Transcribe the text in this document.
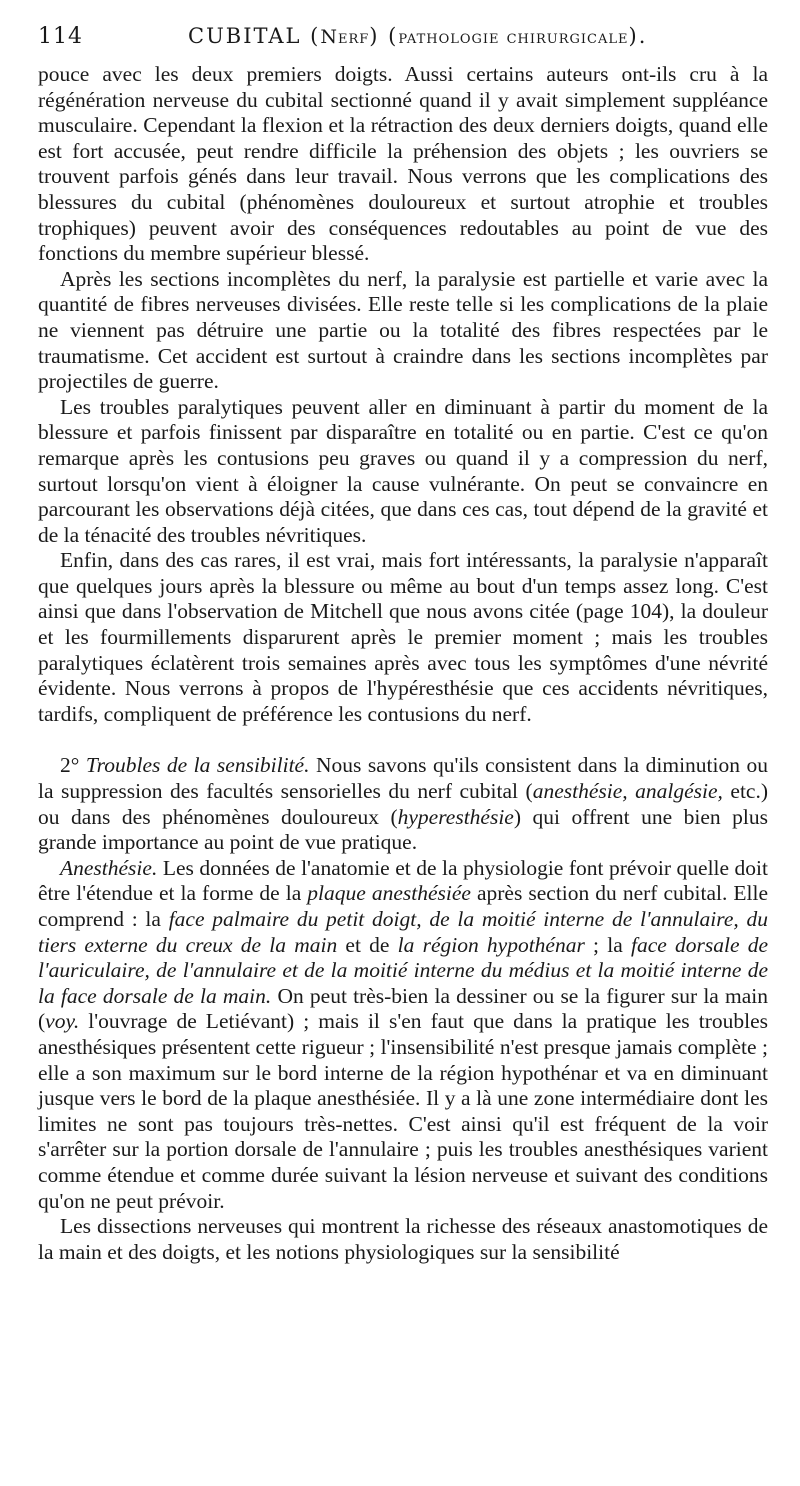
114	CUBITAL (Nerf) (pathologie chirurgicale).

pouce avec les deux premiers doigts. Aussi certains auteurs ont-ils cru à la régénération nerveuse du cubital sectionné quand il y avait simplement suppléance musculaire. Cependant la flexion et la rétraction des deux derniers doigts, quand elle est fort accusée, peut rendre difficile la préhension des objets ; les ouvriers se trouvent parfois génés dans leur travail. Nous verrons que les complications des blessures du cubital (phénomènes douloureux et surtout atrophie et troubles trophiques) peuvent avoir des conséquences redoutables au point de vue des fonctions du membre supérieur blessé.

Après les sections incomplètes du nerf, la paralysie est partielle et varie avec la quantité de fibres nerveuses divisées. Elle reste telle si les complications de la plaie ne viennent pas détruire une partie ou la totalité des fibres respectées par le traumatisme. Cet accident est surtout à craindre dans les sections incomplètes par projectiles de guerre.

Les troubles paralytiques peuvent aller en diminuant à partir du moment de la blessure et parfois finissent par disparaître en totalité ou en partie. C'est ce qu'on remarque après les contusions peu graves ou quand il y a compression du nerf, surtout lorsqu'on vient à éloigner la cause vulnérante. On peut se convaincre en parcourant les observations déjà citées, que dans ces cas, tout dépend de la gravité et de la ténacité des troubles névritiques.

Enfin, dans des cas rares, il est vrai, mais fort intéressants, la paralysie n'apparaît que quelques jours après la blessure ou même au bout d'un temps assez long. C'est ainsi que dans l'observation de Mitchell que nous avons citée (page 104), la douleur et les fourmillements disparurent après le premier moment ; mais les troubles paralytiques éclatèrent trois semaines après avec tous les symptômes d'une névrité évidente. Nous verrons à propos de l'hypéresthésie que ces accidents névritiques, tardifs, compliquent de préférence les contusions du nerf.

2° Troubles de la sensibilité. Nous savons qu'ils consistent dans la diminution ou la suppression des facultés sensorielles du nerf cubital (anesthésie, analgésie, etc.) ou dans des phénomènes douloureux (hyperesthésie) qui offrent une bien plus grande importance au point de vue pratique.

Anesthésie. Les données de l'anatomie et de la physiologie font prévoir quelle doit être l'étendue et la forme de la plaque anesthésiée après section du nerf cubital. Elle comprend : la face palmaire du petit doigt, de la moitié interne de l'annulaire, du tiers externe du creux de la main et de la région hypothénar ; la face dorsale de l'auriculaire, de l'annulaire et de la moitié interne du médius et la moitié interne de la face dorsale de la main. On peut très-bien la dessiner ou se la figurer sur la main (voy. l'ouvrage de Letiévant) ; mais il s'en faut que dans la pratique les troubles anesthésiques présentent cette rigueur ; l'insensibilité n'est presque jamais complète ; elle a son maximum sur le bord interne de la région hypothénar et va en diminuant jusque vers le bord de la plaque anesthésiée. Il y a là une zone intermédiaire dont les limites ne sont pas toujours très-nettes. C'est ainsi qu'il est fréquent de la voir s'arrêter sur la portion dorsale de l'annulaire ; puis les troubles anesthésiques varient comme étendue et comme durée suivant la lésion nerveuse et suivant des conditions qu'on ne peut prévoir.

Les dissections nerveuses qui montrent la richesse des réseaux anastomotiques de la main et des doigts, et les notions physiologiques sur la sensibilité
